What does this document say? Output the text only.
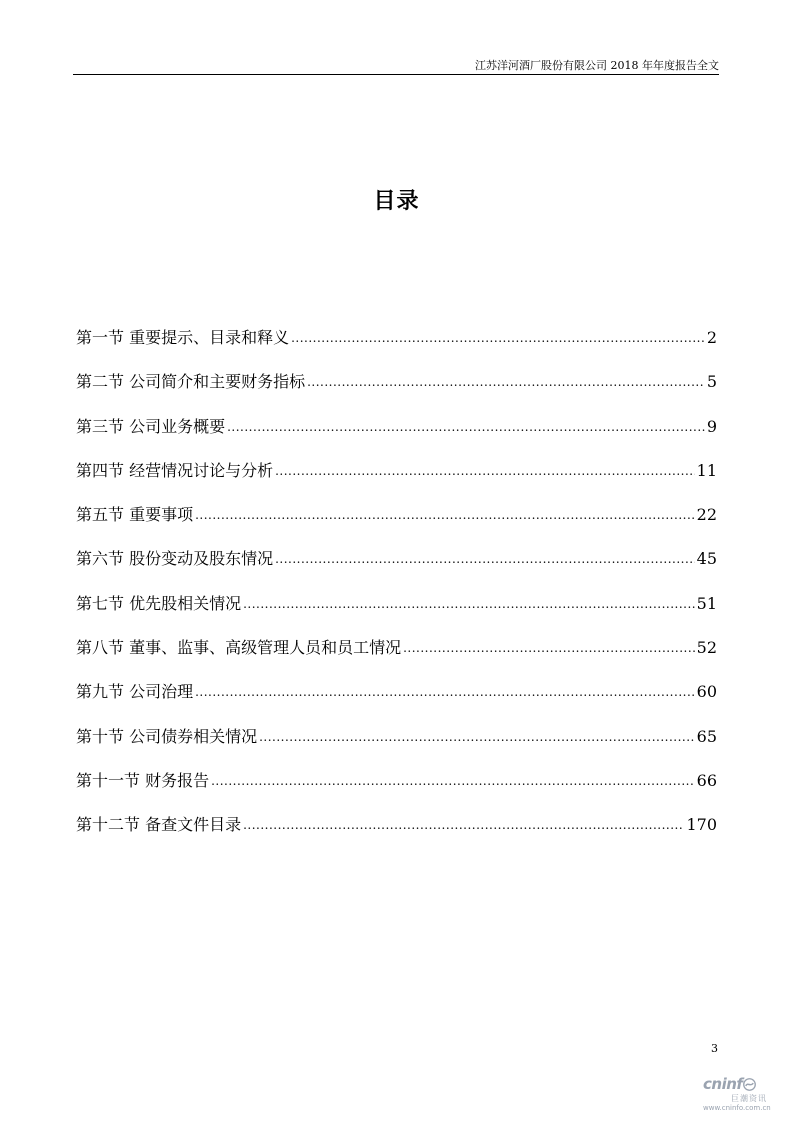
江苏洋河酒厂股份有限公司 2018 年年度报告全文
目录
第一节 重要提示、目录和释义 .....	2
第二节 公司简介和主要财务指标 .....	5
第三节 公司业务概要 .....	9
第四节 经营情况讨论与分析 .....	11
第五节 重要事项 .....	22
第六节 股份变动及股东情况 .....	45
第七节 优先股相关情况 .....	51
第八节 董事、监事、高级管理人员和员工情况 .....	52
第九节 公司治理 .....	60
第十节 公司债券相关情况 .....	65
第十一节 财务报告 .....	66
第十二节 备查文件目录 .....	170
3
cninf
巨潮资讯
www.cninfo.com.cn
